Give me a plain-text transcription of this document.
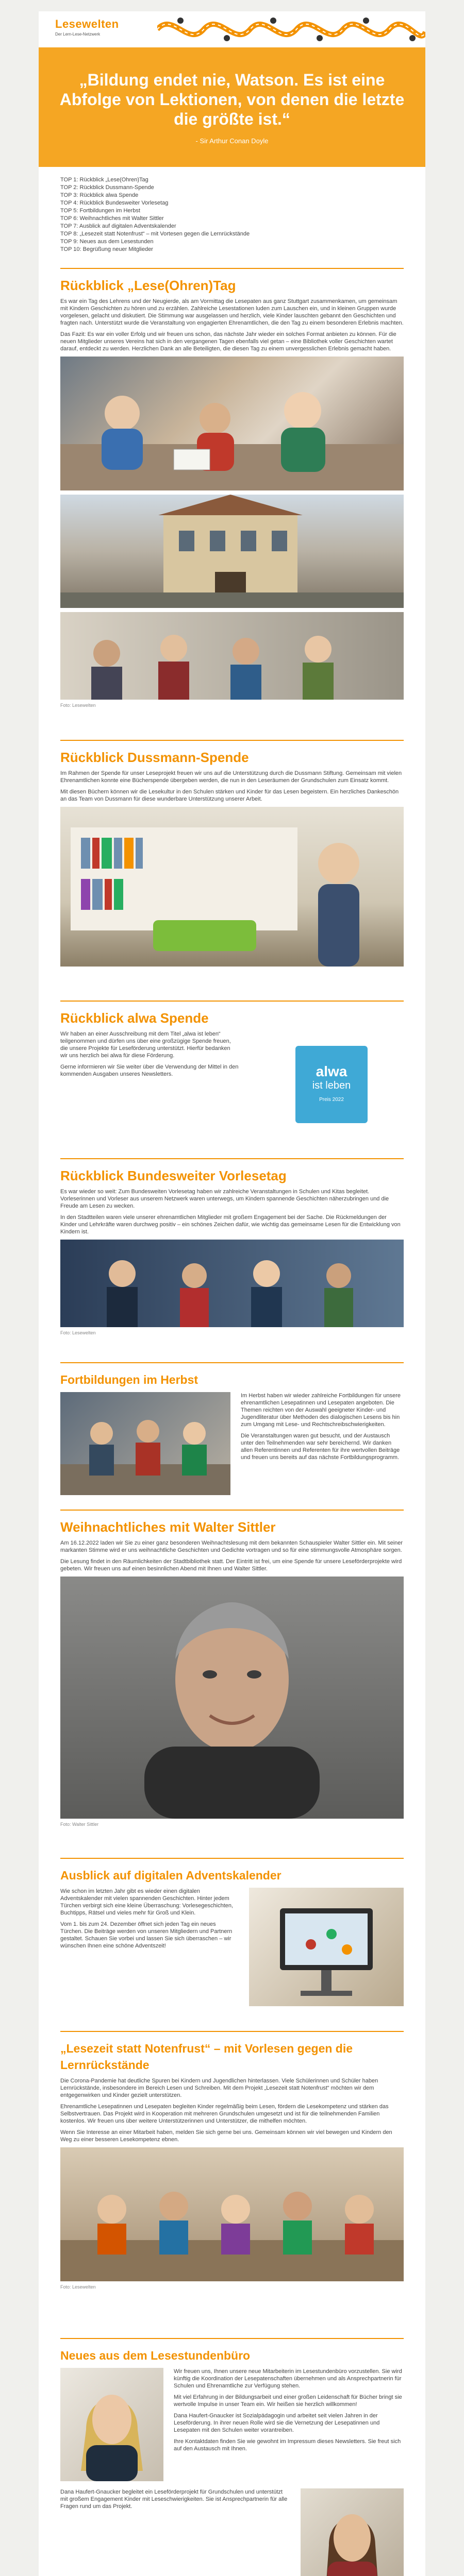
Lesewelten
Der Lern-Lese-Netzwerk

„Bildung endet nie, Watson. Es ist eine Abfolge von Lektionen, von denen die letzte die größte ist.“

- Sir Arthur Conan Doyle
TOP 1: Rückblick „Lese(Ohren)Tag
TOP 2: Rückblick Dussmann-Spende
TOP 3: Rückblick alwa Spende
TOP 4: Rückblick Bundesweiter Vorlesetag
TOP 5: Fortbildungen im Herbst
TOP 6: Weihnachtliches mit Walter Sittler
TOP 7: Ausblick auf digitalen Adventskalender
TOP 8: „Lesezeit statt Notenfrust“ – mit Vortesen gegen die Lernrückstände
TOP 9: Neues aus dem Lesestunden
TOP 10: Begrüßung neuer Mitglieder
Rückblick „Lese(Ohren)Tag

Es war ein Tag des Lehrens und der Neugierde, als am Vormittag die Lesepaten aus ganz Stuttgart zusammenkamen, um gemeinsam mit Kindern Geschichten zu hören und zu erzählen. Zahlreiche Lesestationen luden zum Lauschen ein, und in kleinen Gruppen wurde vorgelesen, gelacht und diskutiert. Die Stimmung war ausgelassen und herzlich, viele Kinder lauschten gebannt den Geschichten und fragten nach. Unterstützt wurde die Veranstaltung von engagierten Ehrenamtlichen, die den Tag zu einem besonderen Erlebnis machten.

Das Fazit: Es war ein voller Erfolg und wir freuen uns schon, das nächste Jahr wieder ein solches Format anbieten zu können. Für die neuen Mitglieder unseres Vereins hat sich in den vergangenen Tagen ebenfalls viel getan – eine Bibliothek voller Geschichten wartet darauf, entdeckt zu werden. Herzlichen Dank an alle Beteiligten, die diesen Tag zu einem unvergesslichen Erlebnis gemacht haben.

Foto: Lesewelten

Rückblick Dussmann-Spende

Im Rahmen der Spende für unser Leseprojekt freuen wir uns auf die Unterstützung durch die Dussmann Stiftung. Gemeinsam mit vielen Ehrenamtlichen konnte eine Bücherspende übergeben werden, die nun in den Leseräumen der Grundschulen zum Einsatz kommt.

Mit diesen Büchern können wir die Lesekultur in den Schulen stärken und Kinder für das Lesen begeistern. Ein herzliches Dankeschön an das Team von Dussmann für diese wunderbare Unterstützung unserer Arbeit.

Rückblick alwa Spende

Wir haben an einer Ausschreibung mit dem Titel „alwa ist leben“ teilgenommen und dürfen uns über eine großzügige Spende freuen, die unsere Projekte für Leseförderung unterstützt. Hierfür bedanken wir uns herzlich bei alwa für diese Förderung.

Gerne informieren wir Sie weiter über die Verwendung der Mittel in den kommenden Ausgaben unseres Newsletters.	alwa
ist leben
Preis 2022
Rückblick Bundesweiter Vorlesetag

Es war wieder so weit: Zum Bundesweiten Vorlesetag haben wir zahlreiche Veranstaltungen in Schulen und Kitas begleitet. Vorleserinnen und Vorleser aus unserem Netzwerk waren unterwegs, um Kindern spannende Geschichten näherzubringen und die Freude am Lesen zu wecken.

In den Stadtteilen waren viele unserer ehrenamtlichen Mitglieder mit großem Engagement bei der Sache. Die Rückmeldungen der Kinder und Lehrkräfte waren durchweg positiv – ein schönes Zeichen dafür, wie wichtig das gemeinsame Lesen für die Entwicklung von Kindern ist.

Foto: Lesewelten

Fortbildungen im Herbst

Im Herbst haben wir wieder zahlreiche Fortbildungen für unsere ehrenamtlichen Lesepatinnen und Lesepaten angeboten. Die Themen reichten von der Auswahl geeigneter Kinder- und Jugendliteratur über Methoden des dialogischen Lesens bis hin zum Umgang mit Lese- und Rechtschreibschwierigkeiten.

Die Veranstaltungen waren gut besucht, und der Austausch unter den Teilnehmenden war sehr bereichernd. Wir danken allen Referentinnen und Referenten für ihre wertvollen Beiträge und freuen uns bereits auf das nächste Fortbildungsprogramm.

Weihnachtliches mit Walter Sittler

Am 16.12.2022 laden wir Sie zu einer ganz besonderen Weihnachtslesung mit dem bekannten Schauspieler Walter Sittler ein. Mit seiner markanten Stimme wird er uns weihnachtliche Geschichten und Gedichte vortragen und so für eine stimmungsvolle Atmosphäre sorgen.

Die Lesung findet in den Räumlichkeiten der Stadtbibliothek statt. Der Eintritt ist frei, um eine Spende für unsere Leseförderprojekte wird gebeten. Wir freuen uns auf einen besinnlichen Abend mit Ihnen und Walter Sittler.

Foto: Walter Sittler

Ausblick auf digitalen Adventskalender

Wie schon im letzten Jahr gibt es wieder einen digitalen Adventskalender mit vielen spannenden Geschichten. Hinter jedem Türchen verbirgt sich eine kleine Überraschung: Vorlesegeschichten, Buchtipps, Rätsel und vieles mehr für Groß und Klein.

Vom 1. bis zum 24. Dezember öffnet sich jeden Tag ein neues Türchen. Die Beiträge werden von unseren Mitgliedern und Partnern gestaltet. Schauen Sie vorbei und lassen Sie sich überraschen – wir wünschen Ihnen eine schöne Adventszeit!

„Lesezeit statt Notenfrust“ – mit Vorlesen gegen die Lernrückstände

Die Corona-Pandemie hat deutliche Spuren bei Kindern und Jugendlichen hinterlassen. Viele Schülerinnen und Schüler haben Lernrückstände, insbesondere im Bereich Lesen und Schreiben. Mit dem Projekt „Lesezeit statt Notenfrust“ möchten wir dem entgegenwirken und Kinder gezielt unterstützen.

Ehrenamtliche Lesepatinnen und Lesepaten begleiten Kinder regelmäßig beim Lesen, fördern die Lesekompetenz und stärken das Selbstvertrauen. Das Projekt wird in Kooperation mit mehreren Grundschulen umgesetzt und ist für die teilnehmenden Familien kostenlos. Wir freuen uns über weitere Unterstützerinnen und Unterstützer, die mithelfen möchten.

Wenn Sie Interesse an einer Mitarbeit haben, melden Sie sich gerne bei uns. Gemeinsam können wir viel bewegen und Kindern den Weg zu einer besseren Lesekompetenz ebnen.

Foto: Lesewelten

Neues aus dem Lesestundenbüro

Wir freuen uns, Ihnen unsere neue Mitarbeiterin im Lesestundenbüro vorzustellen. Sie wird künftig die Koordination der Lesepatenschaften übernehmen und als Ansprechpartnerin für Schulen und Ehrenamtliche zur Verfügung stehen.

Mit viel Erfahrung in der Bildungsarbeit und einer großen Leidenschaft für Bücher bringt sie wertvolle Impulse in unser Team ein. Wir heißen sie herzlich willkommen!

Dana Haufert-Gnaucker ist Sozialpädagogin und arbeitet seit vielen Jahren in der Leseförderung. In ihrer neuen Rolle wird sie die Vernetzung der Lesepatinnen und Lesepaten mit den Schulen weiter vorantreiben.

Ihre Kontaktdaten finden Sie wie gewohnt im Impressum dieses Newsletters. Sie freut sich auf den Austausch mit Ihnen.

Dana Haufert-Gnaucker begleitet ein Leseförderprojekt für Grundschulen und unterstützt mit großem Engagement Kinder mit Leseschwierigkeiten. Sie ist Ansprechpartnerin für alle Fragen rund um das Projekt.
